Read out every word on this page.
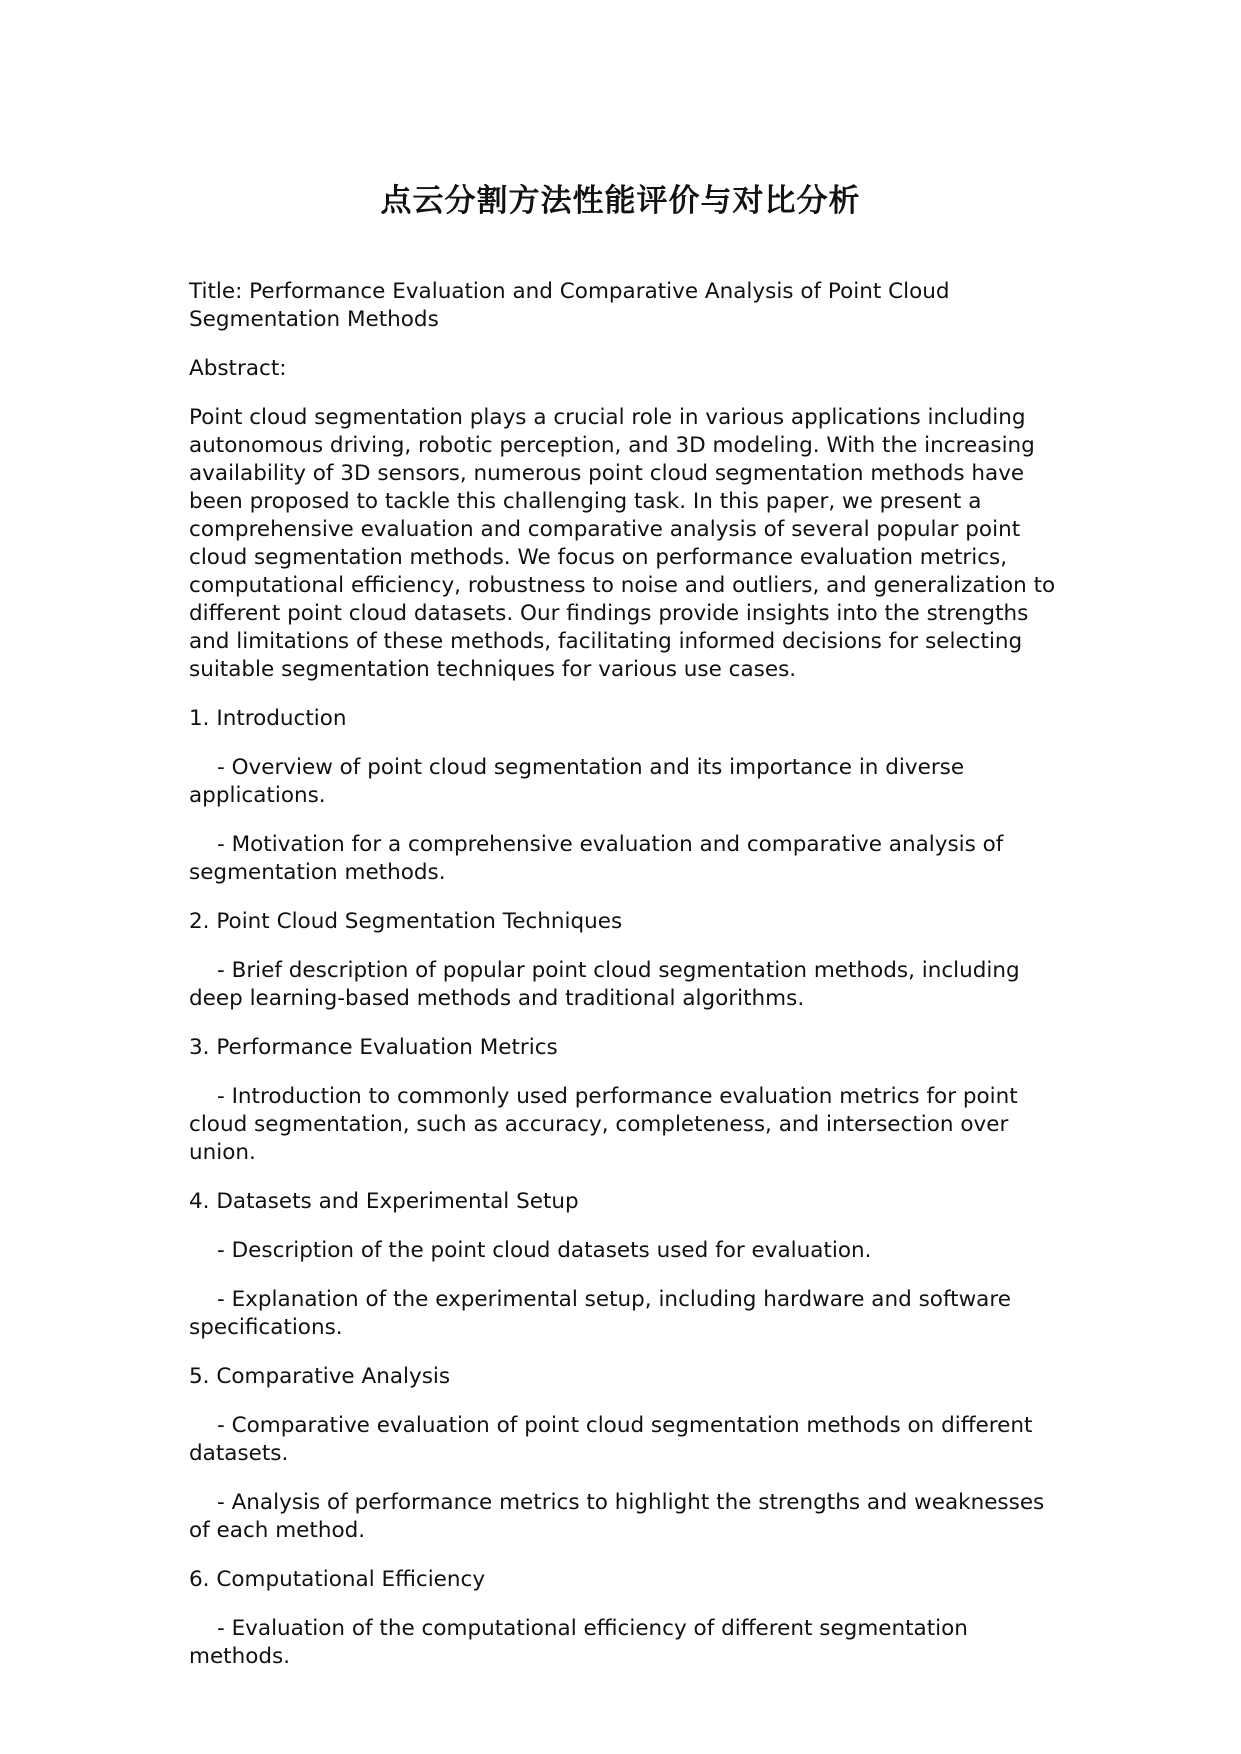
点云分割方法性能评价与对比分析

Title: Performance Evaluation and Comparative Analysis of Point Cloud Segmentation Methods

Abstract:

Point cloud segmentation plays a crucial role in various applications including autonomous driving, robotic perception, and 3D modeling. With the increasing availability of 3D sensors, numerous point cloud segmentation methods have been proposed to tackle this challenging task. In this paper, we present a comprehensive evaluation and comparative analysis of several popular point cloud segmentation methods. We focus on performance evaluation metrics, computational efficiency, robustness to noise and outliers, and generalization to different point cloud datasets. Our findings provide insights into the strengths and limitations of these methods, facilitating informed decisions for selecting suitable segmentation techniques for various use cases.

1. Introduction

- Overview of point cloud segmentation and its importance in diverse applications.

- Motivation for a comprehensive evaluation and comparative analysis of segmentation methods.

2. Point Cloud Segmentation Techniques

- Brief description of popular point cloud segmentation methods, including deep learning-based methods and traditional algorithms.

3. Performance Evaluation Metrics

- Introduction to commonly used performance evaluation metrics for point cloud segmentation, such as accuracy, completeness, and intersection over union.

4. Datasets and Experimental Setup

- Description of the point cloud datasets used for evaluation.

- Explanation of the experimental setup, including hardware and software specifications.

5. Comparative Analysis

- Comparative evaluation of point cloud segmentation methods on different datasets.

- Analysis of performance metrics to highlight the strengths and weaknesses of each method.

6. Computational Efficiency

- Evaluation of the computational efficiency of different segmentation methods.
